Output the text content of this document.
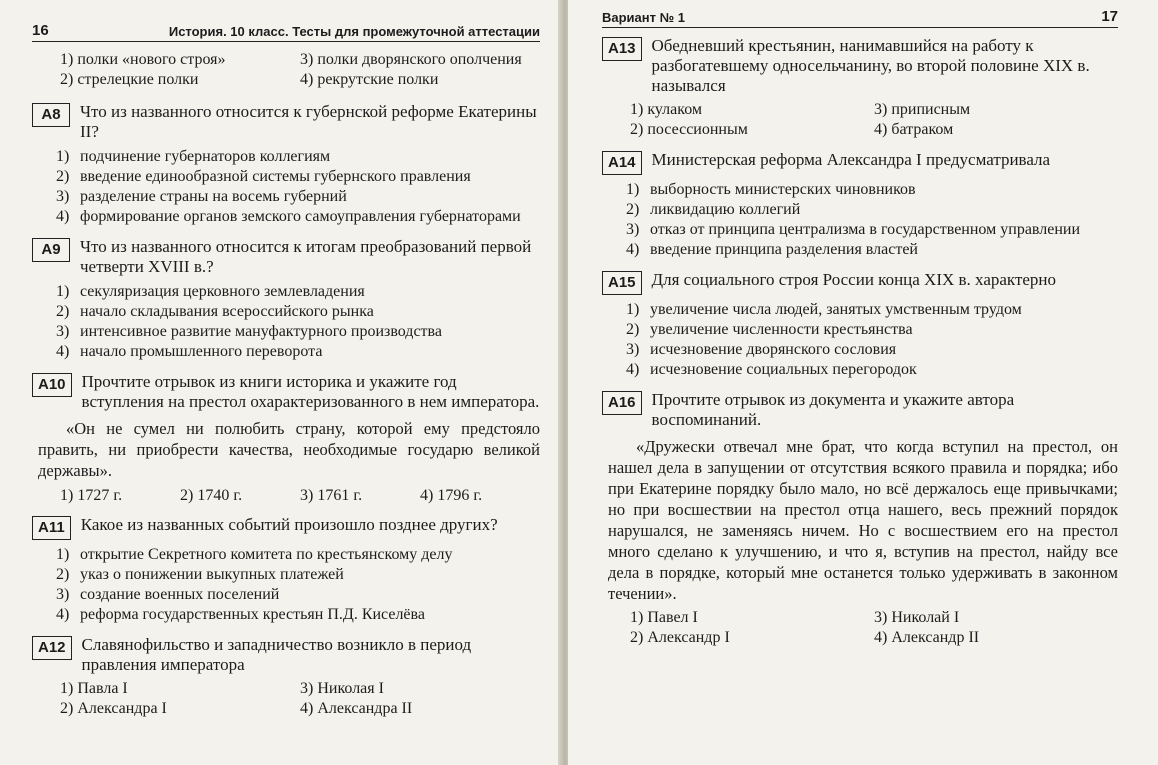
16	История. 10 класс. Тесты для промежуточной аттестации
1) полки «нового строя»
2) стрелецкие полки
3) полки дворянского ополчения
4) рекрутские полки
А8	Что из названного относится к губернской реформе Екатерины II?
1) подчинение губернаторов коллегиям
2) введение единообразной системы губернского правления
3) разделение страны на восемь губерний
4) формирование органов земского самоуправления губернаторами
А9	Что из названного относится к итогам преобразований первой четверти XVIII в.?
1) секуляризация церковного землевладения
2) начало складывания всероссийского рынка
3) интенсивное развитие мануфактурного производства
4) начало промышленного переворота
А10 Прочтите отрывок из книги историка и укажите год вступления на престол охарактеризованного в нем императора.

«Он не сумел ни полюбить страну, которой ему предстояло править, ни приобрести качества, необходимые государю великой державы».

1) 1727 г.	2) 1740 г.	3) 1761 г.	4) 1796 г.
А11 Какое из названных событий произошло позднее других?
1) открытие Секретного комитета по крестьянскому делу
2) указ о понижении выкупных платежей
3) создание военных поселений
4) реформа государственных крестьян П.Д. Киселёва
А12 Славянофильство и западничество возникло в период правления императора
1) Павла I
2) Александра I
3) Николая I
4) Александра II
Вариант № 1	17
А13 Обедневший крестьянин, нанимавшийся на работу к разбогатевшему односельчанину, во второй половине XIX в. назывался
1) кулаком
2) посессионным
3) приписным
4) батраком
А14 Министерская реформа Александра I предусматривала
1) выборность министерских чиновников
2) ликвидацию коллегий
3) отказ от принципа централизма в государственном управлении
4) введение принципа разделения властей
А15 Для социального строя России конца XIX в. характерно
1) увеличение числа людей, занятых умственным трудом
2) увеличение численности крестьянства
3) исчезновение дворянского сословия
4) исчезновение социальных перегородок
А16 Прочтите отрывок из документа и укажите автора воспоминаний.

«Дружески отвечал мне брат, что когда вступил на престол, он нашел дела в запущении от отсутствия всякого правила и порядка; ибо при Екатерине порядку было мало, но всё держалось еще привычками; но при восшествии на престол отца нашего, весь прежний порядок нарушался, не заменяясь ничем. Но с восшествием его на престол много сделано к улучшению, и что я, вступив на престол, найду все дела в порядке, который мне останется только удерживать в законном течении».

1) Павел I
2) Александр I
3) Николай I
4) Александр II
